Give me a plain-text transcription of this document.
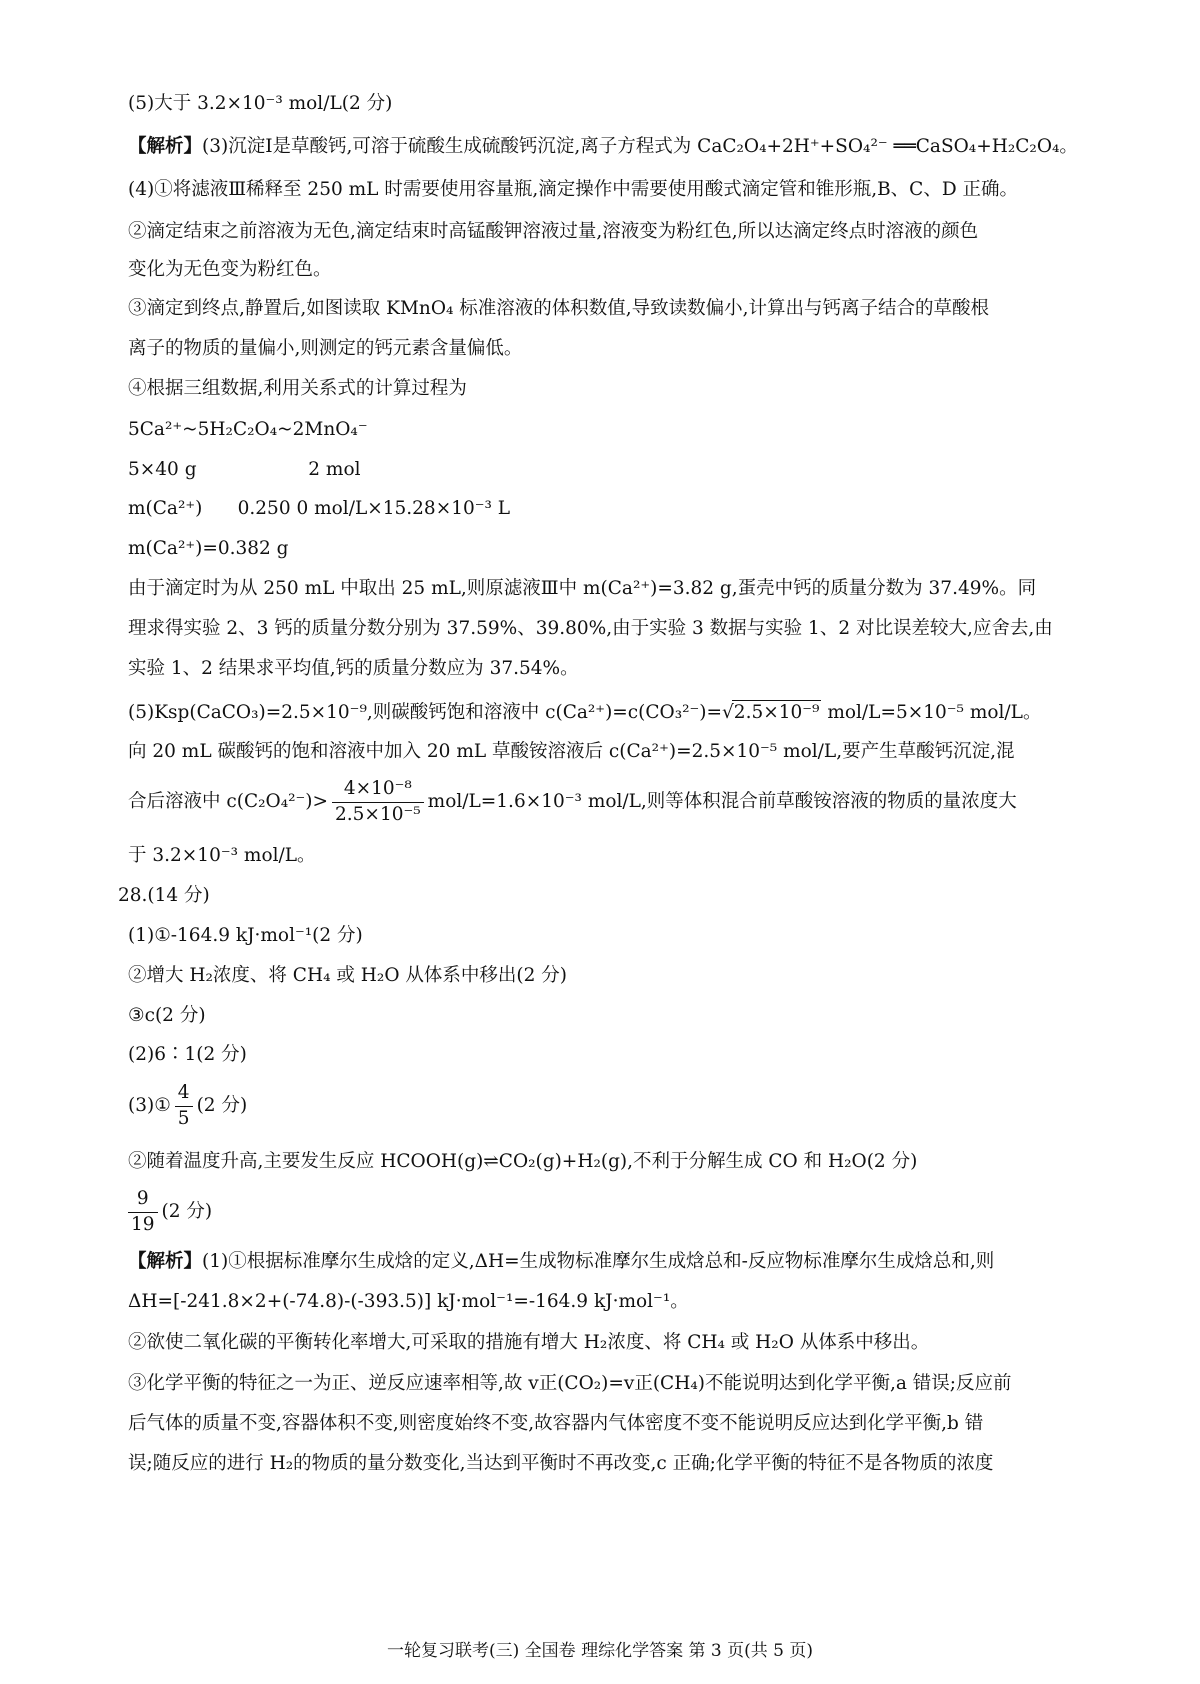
(5)大于 3.2×10⁻³ mol/L(2 分)
【解析】(3)沉淀Ⅰ是草酸钙,可溶于硫酸生成硫酸钙沉淀,离子方程式为 CaC₂O₄+2H⁺+SO₄²⁻ ══CaSO₄+H₂C₂O₄。
(4)①将滤液Ⅲ稀释至 250 mL 时需要使用容量瓶,滴定操作中需要使用酸式滴定管和锥形瓶,B、C、D 正确。
②滴定结束之前溶液为无色,滴定结束时高锰酸钾溶液过量,溶液变为粉红色,所以达滴定终点时溶液的颜色
变化为无色变为粉红色。
③滴定到终点,静置后,如图读取 KMnO₄ 标准溶液的体积数值,导致读数偏小,计算出与钙离子结合的草酸根
离子的物质的量偏小,则测定的钙元素含量偏低。
④根据三组数据,利用关系式的计算过程为
5Ca²⁺~5H₂C₂O₄~2MnO₄⁻
5×40 g                   2 mol
m(Ca²⁺)      0.250 0 mol/L×15.28×10⁻³ L
m(Ca²⁺)=0.382 g
由于滴定时为从 250 mL 中取出 25 mL,则原滤液Ⅲ中 m(Ca²⁺)=3.82 g,蛋壳中钙的质量分数为 37.49%。同
理求得实验 2、3 钙的质量分数分别为 37.59%、39.80%,由于实验 3 数据与实验 1、2 对比误差较大,应舍去,由
实验 1、2 结果求平均值,钙的质量分数应为 37.54%。
(5)Ksp(CaCO₃)=2.5×10⁻⁹,则碳酸钙饱和溶液中 c(Ca²⁺)=c(CO₃²⁻)=√2.5×10⁻⁹ mol/L=5×10⁻⁵ mol/L。
向 20 mL 碳酸钙的饱和溶液中加入 20 mL 草酸铵溶液后 c(Ca²⁺)=2.5×10⁻⁵ mol/L,要产生草酸钙沉淀,混
合后溶液中 $c(C_2O_4^{2-})> \frac{\text{4×10⁻⁸}}{\text{2.5×10⁻⁵}} mol/L=1.6\times 10^{-3}$ mol/L,则等体积混合前草酸铵溶液的物质的量浓度大
于 3.2×10⁻³ mol/L。
28.(14 分)
(1)①-164.9 kJ·mol⁻¹(2 分)
②增大 H₂浓度、将 CH₄ 或 H₂O 从体系中移出(2 分)
③c(2 分)
(2)6∶1(2 分)
(3)① $\frac{4}{5} (2$ 分)
②随着温度升高,主要发生反应 HCOOH(g)⇌CO₂(g)+H₂(g),不利于分解生成 CO 和 H₂O(2 分)
$\frac{9}{19} (2$ 分)
【解析】(1)①根据标准摩尔生成焓的定义,ΔH=生成物标准摩尔生成焓总和-反应物标准摩尔生成焓总和,则
ΔH=[-241.8×2+(-74.8)-(-393.5)] kJ·mol⁻¹=-164.9 kJ·mol⁻¹。
②欲使二氧化碳的平衡转化率增大,可采取的措施有增大 H₂浓度、将 CH₄ 或 H₂O 从体系中移出。
③化学平衡的特征之一为正、逆反应速率相等,故 v正(CO₂)=v正(CH₄)不能说明达到化学平衡,a 错误;反应前
后气体的质量不变,容器体积不变,则密度始终不变,故容器内气体密度不变不能说明反应达到化学平衡,b 错
误;随反应的进行 H₂的物质的量分数变化,当达到平衡时不再改变,c 正确;化学平衡的特征不是各物质的浓度
一轮复习联考(三) 全国卷 理综化学答案 第 3 页(共 5 页)
